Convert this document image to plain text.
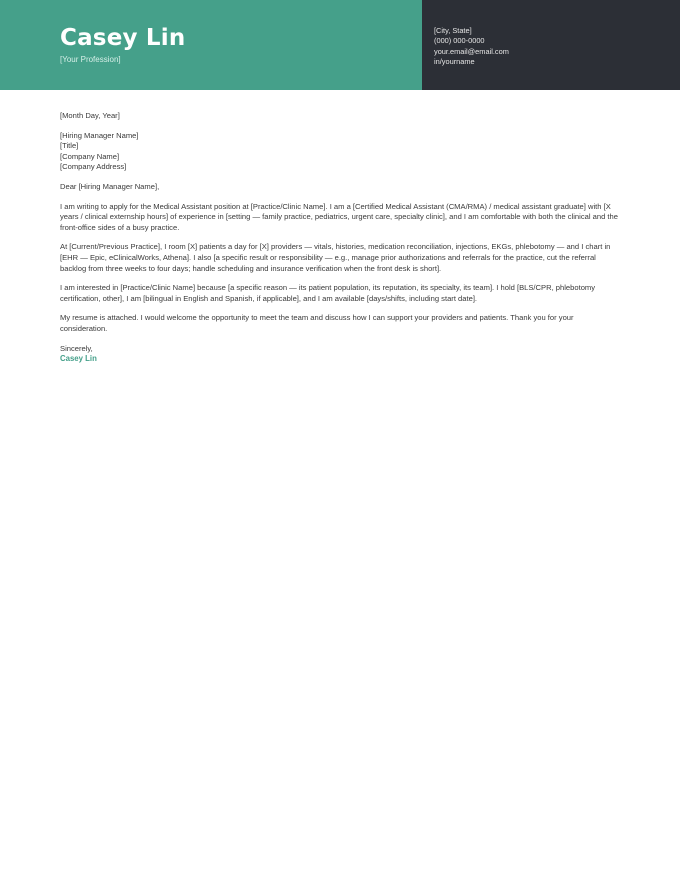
Casey Lin
[Your Profession]
[City, State]
(000) 000-0000
your.email@email.com
in/yourname

[Month Day, Year]

[Hiring Manager Name]
[Title]
[Company Name]
[Company Address]

Dear [Hiring Manager Name],

I am writing to apply for the Medical Assistant position at [Practice/Clinic Name]. I am a [Certified Medical Assistant (CMA/RMA) / medical assistant graduate] with [X years / clinical externship hours] of experience in [setting — family practice, pediatrics, urgent care, specialty clinic], and I am comfortable with both the clinical and the front-office sides of a busy practice.

At [Current/Previous Practice], I room [X] patients a day for [X] providers — vitals, histories, medication reconciliation, injections, EKGs, phlebotomy — and I chart in [EHR — Epic, eClinicalWorks, Athena]. I also [a specific result or responsibility — e.g., manage prior authorizations and referrals for the practice, cut the referral backlog from three weeks to four days; handle scheduling and insurance verification when the front desk is short].

I am interested in [Practice/Clinic Name] because [a specific reason — its patient population, its reputation, its specialty, its team]. I hold [BLS/CPR, phlebotomy certification, other], I am [bilingual in English and Spanish, if applicable], and I am available [days/shifts, including start date].

My resume is attached. I would welcome the opportunity to meet the team and discuss how I can support your providers and patients. Thank you for your consideration.

Sincerely,

Casey Lin
